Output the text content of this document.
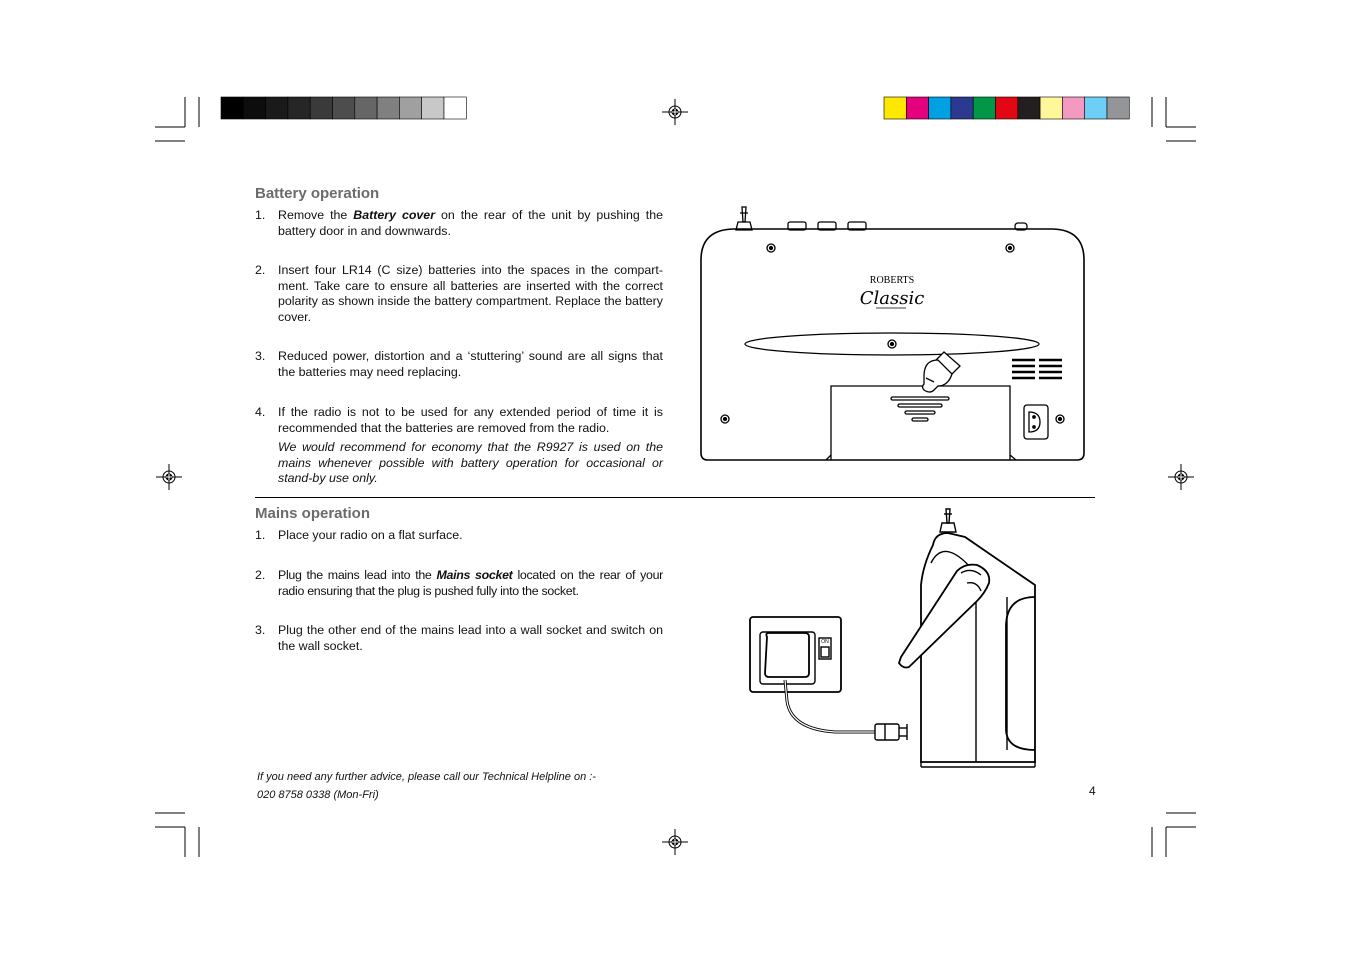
Battery operation
1. Remove the Battery cover on the rear of the unit by pushing the battery door in and downwards.
2. Insert four LR14 (C size) batteries into the spaces in the compart-ment. Take care to ensure all batteries are inserted with the correct polarity as shown inside the battery compartment. Replace the battery cover.
3. Reduced power, distortion and a ‘stuttering’ sound are all signs that the batteries may need replacing.
4. If the radio is not to be used for any extended period of time it is recommended that the batteries are removed from the radio.
We would recommend for economy that the R9927 is used on the mains whenever possible with battery operation for occasional or stand-by use only.
Mains operation
1. Place your radio on a flat surface.
2. Plug the mains lead into the Mains socket located on the rear of your radio ensuring that the plug is pushed fully into the socket.
3. Plug the other end of the mains lead into a wall socket and switch on the wall socket.
ROBERTS
Classic
ON
If you need any further advice, please call our Technical Helpline on :-
020 8758 0338 (Mon-Fri)	4
